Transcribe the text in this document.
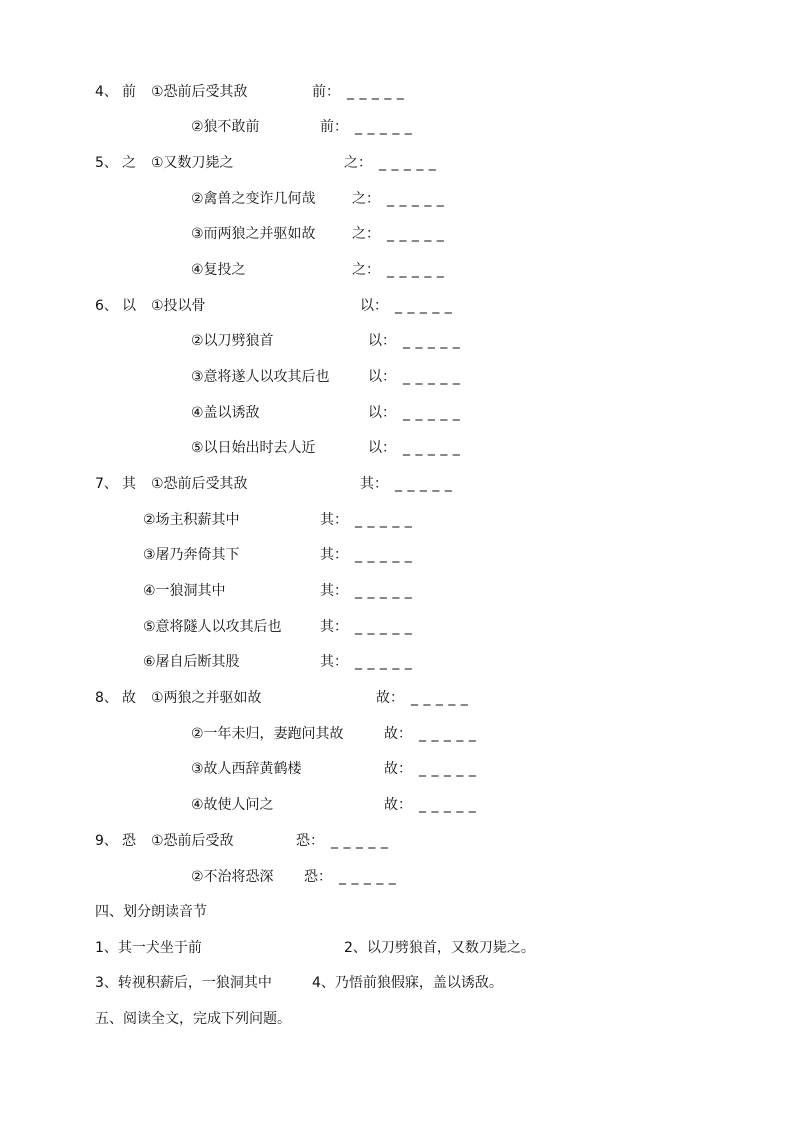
4、 前 ①恐前后受其敌	前： _ _ _ _ _
②狼不敢前	前： _ _ _ _ _
5、 之 ①又数刀毙之	之： _ _ _ _ _
②禽兽之变诈几何哉	之： _ _ _ _ _
③而两狼之并驱如故	之： _ _ _ _ _
④复投之	之： _ _ _ _ _
6、 以 ①投以骨	以： _ _ _ _ _
②以刀劈狼首	以： _ _ _ _ _
③意将遂人以攻其后也	以： _ _ _ _ _
④盖以诱敌	以： _ _ _ _ _
⑤以日始出时去人近	以： _ _ _ _ _
7、 其 ①恐前后受其敌	其： _ _ _ _ _
②场主积薪其中	其： _ _ _ _ _
③屠乃奔倚其下	其： _ _ _ _ _
④一狼洞其中	其： _ _ _ _ _
⑤意将隧人以攻其后也	其： _ _ _ _ _
⑥屠自后断其股	其： _ _ _ _ _
8、 故 ①两狼之并驱如故	故： _ _ _ _ _
②一年未归，妻跑问其故	故： _ _ _ _ _
③故人西辞黄鹤楼	故： _ _ _ _ _
④故使人问之	故： _ _ _ _ _
9、 恐 ①恐前后受敌	恐： _ _ _ _ _
②不治将恐深 恐： _ _ _ _ _
四、划分朗读音节
1、其一犬坐于前	2、以刀劈狼首，又数刀毙之。
3、转视积薪后，一狼洞其中	4、乃悟前狼假寐，盖以诱敌。
五、阅读全文，完成下列问题。
